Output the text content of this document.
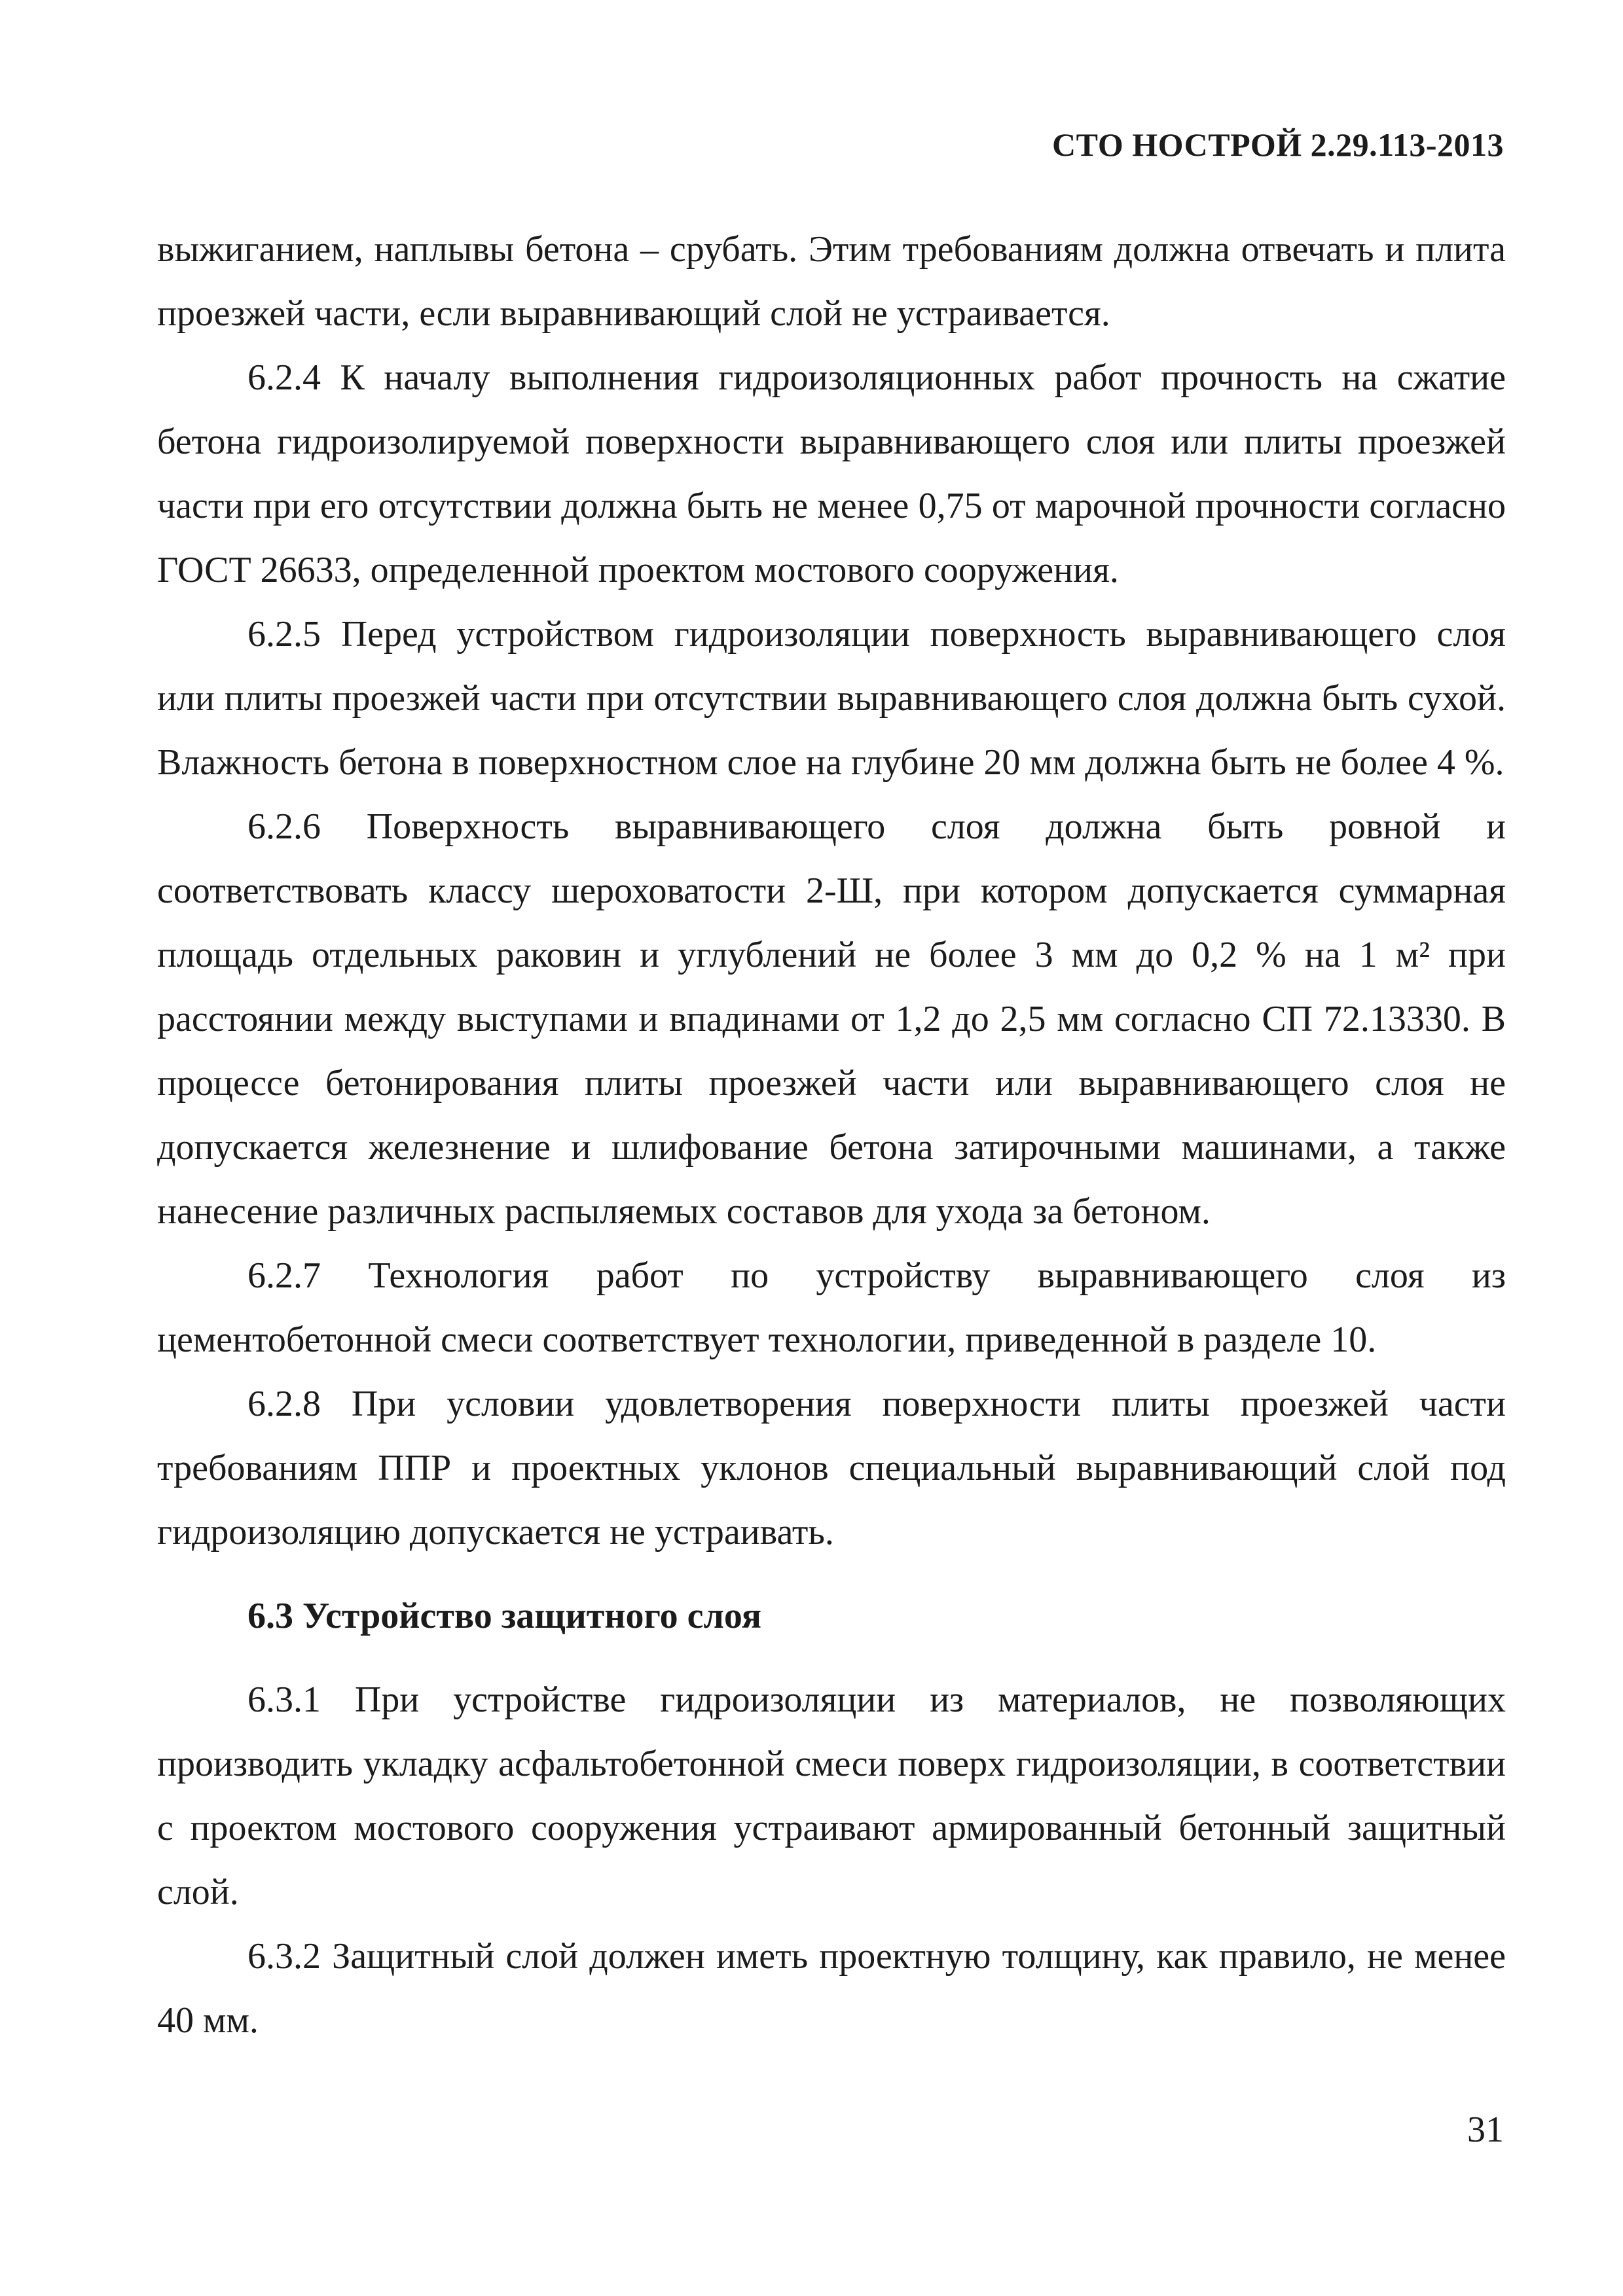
СТО НОСТРОЙ 2.29.113-2013

выжиганием, наплывы бетона – срубать. Этим требованиям должна отвечать и плита проезжей части, если выравнивающий слой не устраивается.

6.2.4 К началу выполнения гидроизоляционных работ прочность на сжатие бетона гидроизолируемой поверхности выравнивающего слоя или плиты проезжей части при его отсутствии должна быть не менее 0,75 от марочной прочности согласно ГОСТ 26633, определенной проектом мостового сооружения.

6.2.5 Перед устройством гидроизоляции поверхность выравнивающего слоя или плиты проезжей части при отсутствии выравнивающего слоя должна быть сухой. Влажность бетона в поверхностном слое на глубине 20 мм должна быть не более 4 %.

6.2.6 Поверхность выравнивающего слоя должна быть ровной и соответствовать классу шероховатости 2-Ш, при котором допускается суммарная площадь отдельных раковин и углублений не более 3 мм до 0,2 % на 1 м² при расстоянии между выступами и впадинами от 1,2 до 2,5 мм согласно СП 72.13330. В процессе бетонирования плиты проезжей части или выравнивающего слоя не допускается железнение и шлифование бетона затирочными машинами, а также нанесение различных распыляемых составов для ухода за бетоном.

6.2.7 Технология работ по устройству выравнивающего слоя из цементобетонной смеси соответствует технологии, приведенной в разделе 10.

6.2.8 При условии удовлетворения поверхности плиты проезжей части требованиям ППР и проектных уклонов специальный выравнивающий слой под гидроизоляцию допускается не устраивать.

6.3 Устройство защитного слоя

6.3.1 При устройстве гидроизоляции из материалов, не позволяющих производить укладку асфальтобетонной смеси поверх гидроизоляции, в соответствии с проектом мостового сооружения устраивают армированный бетонный защитный слой.

6.3.2 Защитный слой должен иметь проектную толщину, как правило, не менее 40 мм.

31
